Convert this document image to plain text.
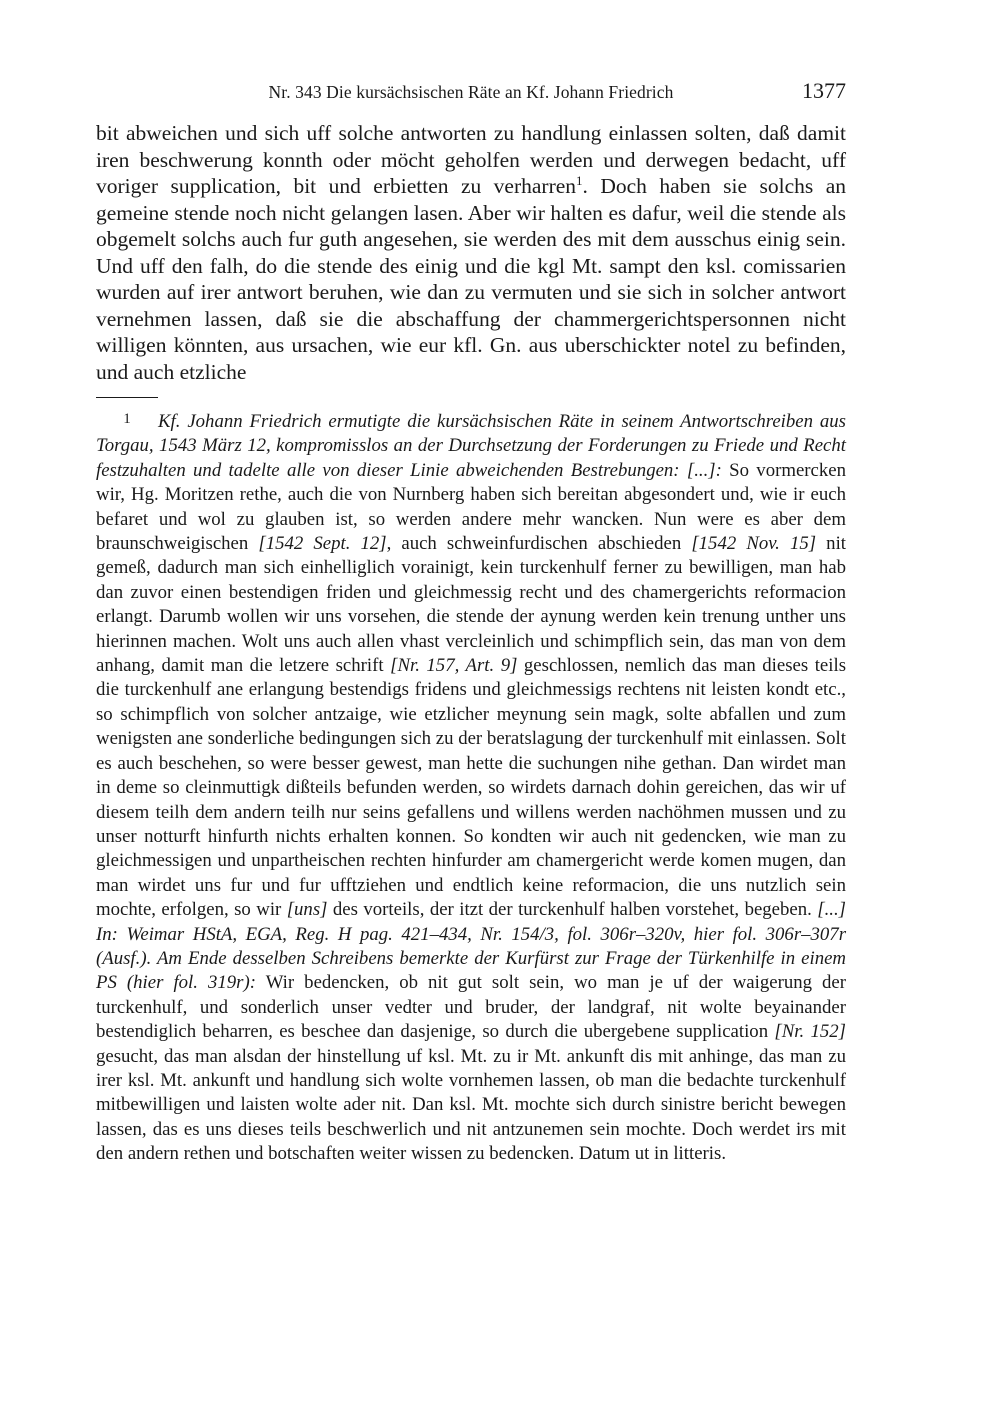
Nr. 343 Die kursächsischen Räte an Kf. Johann Friedrich	1377

bit abweichen und sich uff solche antworten zu handlung einlassen solten, daß damit iren beschwerung konnth oder möcht geholfen werden und derwegen bedacht, uff voriger supplication, bit und erbietten zu verharren$^1$. Doch haben sie solchs an gemeine stende noch nicht gelangen lasen. Aber wir halten es dafur, weil die stende als obgemelt solchs auch fur guth angesehen, sie werden des mit dem ausschus einig sein. Und uff den falh, do die stende des einig und die kgl Mt. sampt den ksl. comissarien wurden auf irer antwort beruhen, wie dan zu vermuten und sie sich in solcher antwort vernehmen lassen, daß sie die abschaffung der chammergerichtspersonnen nicht willigen könnten, aus ursachen, wie eur kfl. Gn. aus uberschickter notel zu befinden, und auch etzliche

1 Kf. Johann Friedrich ermutigte die kursächsischen Räte in seinem Antwortschreiben aus Torgau, 1543 März 12, kompromisslos an der Durchsetzung der Forderungen zu Friede und Recht festzuhalten und tadelte alle von dieser Linie abweichenden Bestrebungen: [...]: So vormercken wir, Hg. Moritzen rethe, auch die von Nurnberg haben sich bereitan abgesondert und, wie ir euch befaret und wol zu glauben ist, so werden andere mehr wancken. Nun were es aber dem braunschweigischen [1542 Sept. 12], auch schweinfurdischen abschieden [1542 Nov. 15] nit gemeß, dadurch man sich einhelliglich vorainigt, kein turckenhulf ferner zu bewilligen, man hab dan zuvor einen bestendigen friden und gleichmessig recht und des chamergerichts reformacion erlangt. Darumb wollen wir uns vorsehen, die stende der aynung werden kein trenung unther uns hierinnen machen. Wolt uns auch allen vhast vercleinlich und schimpflich sein, das man von dem anhang, damit man die letzere schrift [Nr. 157, Art. 9] geschlossen, nemlich das man dieses teils die turckenhulf ane erlangung bestendigs fridens und gleichmessigs rechtens nit leisten kondt etc., so schimpflich von solcher antzaige, wie etzlicher meynung sein magk, solte abfallen und zum wenigsten ane sonderliche bedingungen sich zu der beratslagung der turckenhulf mit einlassen. Solt es auch beschehen, so were besser gewest, man hette die suchungen nihe gethan. Dan wirdet man in deme so cleinmuttigk dißteils befunden werden, so wirdets darnach dohin gereichen, das wir uf diesem teilh dem andern teilh nur seins gefallens und willens werden nachöhmen mussen und zu unser notturft hinfurth nichts erhalten konnen. So kondten wir auch nit gedencken, wie man zu gleichmessigen und unpartheischen rechten hinfurder am chamergericht werde komen mugen, dan man wirdet uns fur und fur ufftziehen und endtlich keine reformacion, die uns nutzlich sein mochte, erfolgen, so wir [uns] des vorteils, der itzt der turckenhulf halben vorstehet, begeben. [...] In: Weimar HStA, EGA, Reg. H pag. 421–434, Nr. 154/3, fol. 306r–320v, hier fol. 306r–307r (Ausf.). Am Ende desselben Schreibens bemerkte der Kurfürst zur Frage der Türkenhilfe in einem PS (hier fol. 319r): Wir bedencken, ob nit gut solt sein, wo man je uf der waigerung der turckenhulf, und sonderlich unser vedter und bruder, der landgraf, nit wolte beyainander bestendiglich beharren, es beschee dan dasjenige, so durch die ubergebene supplication [Nr. 152] gesucht, das man alsdan der hinstellung uf ksl. Mt. zu ir Mt. ankunft dis mit anhinge, das man zu irer ksl. Mt. ankunft und handlung sich wolte vornhemen lassen, ob man die bedachte turckenhulf mitbewilligen und laisten wolte ader nit. Dan ksl. Mt. mochte sich durch sinistre bericht bewegen lassen, das es uns dieses teils beschwerlich und nit antzunemen sein mochte. Doch werdet irs mit den andern rethen und botschaften weiter wissen zu bedencken. Datum ut in litteris.
